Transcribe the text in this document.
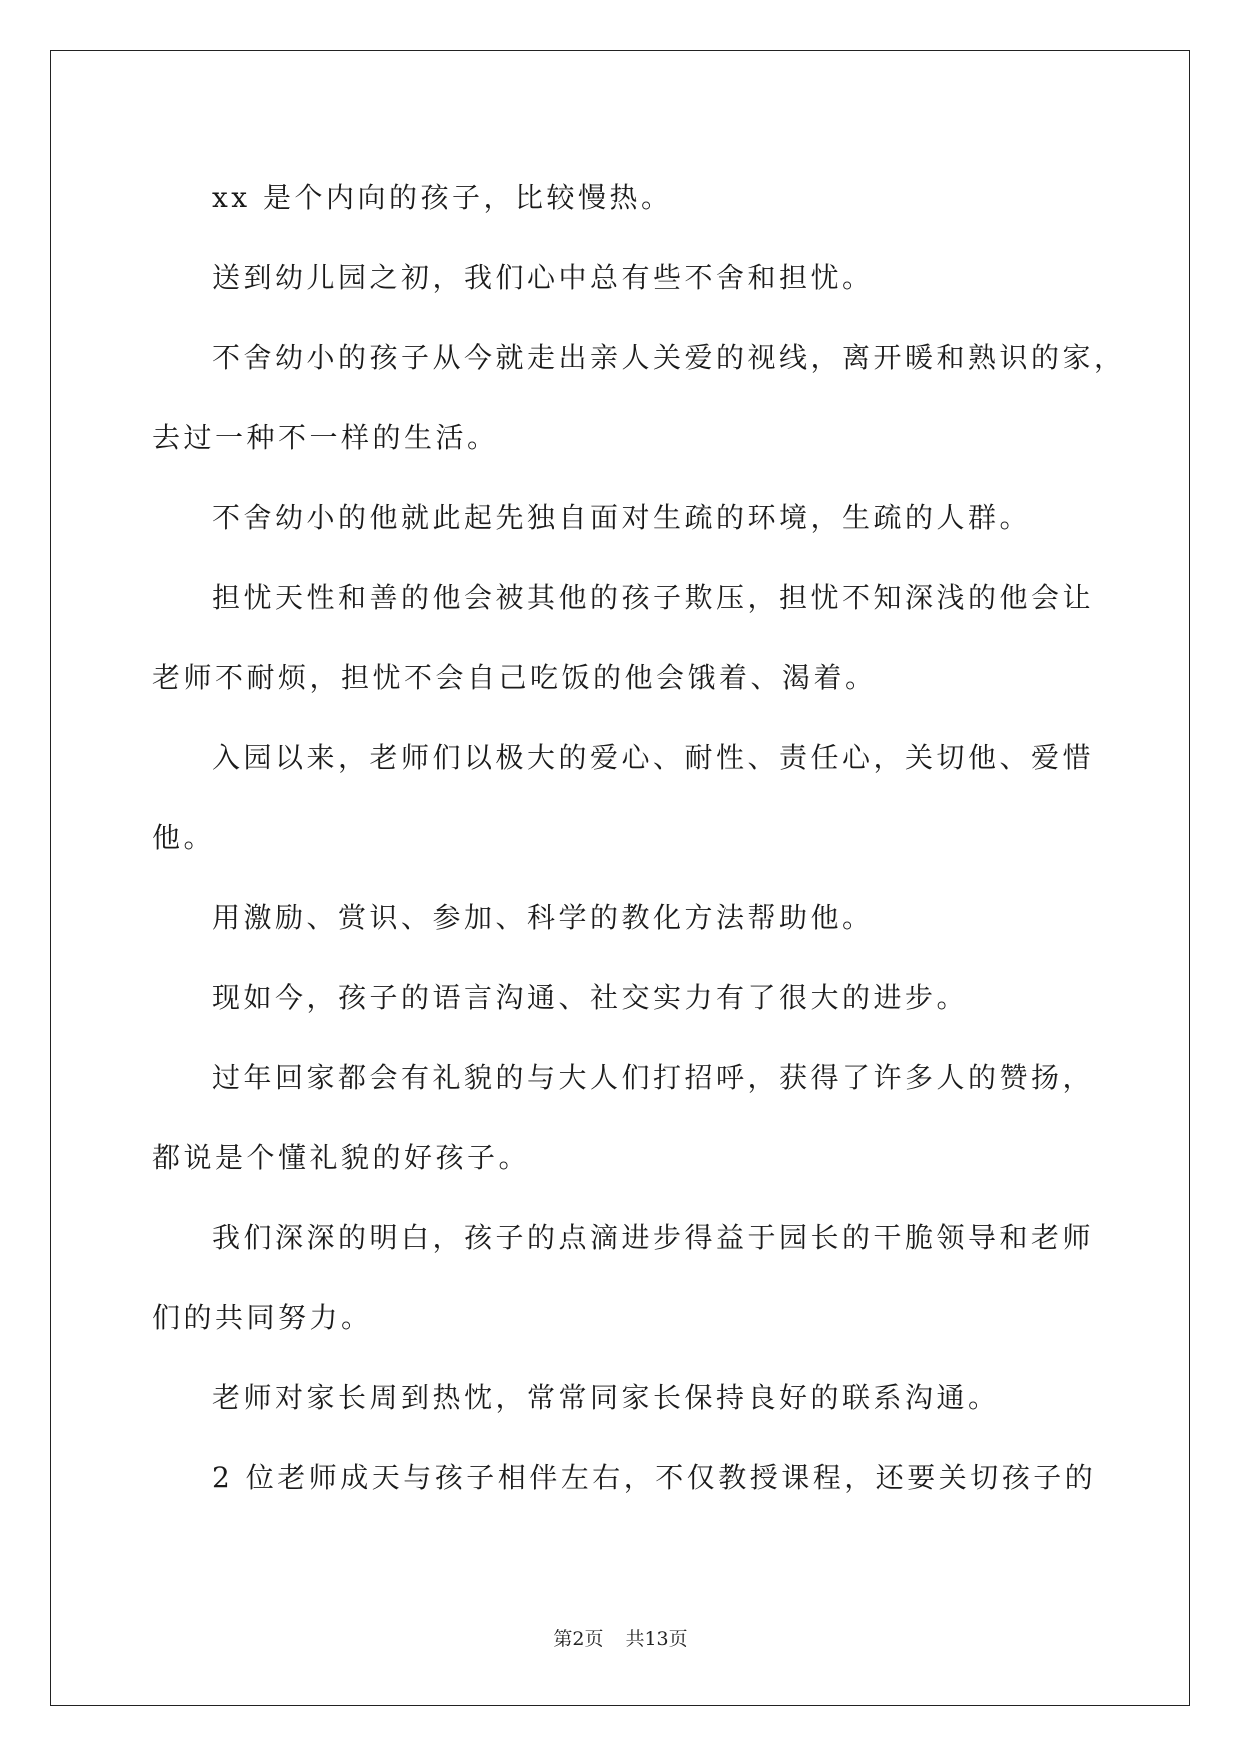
xx 是个内向的孩子，比较慢热。
送到幼儿园之初，我们心中总有些不舍和担忧。
不舍幼小的孩子从今就走出亲人关爱的视线，离开暖和熟识的家，
去过一种不一样的生活。
不舍幼小的他就此起先独自面对生疏的环境，生疏的人群。
担忧天性和善的他会被其他的孩子欺压，担忧不知深浅的他会让
老师不耐烦，担忧不会自己吃饭的他会饿着、渴着。
入园以来，老师们以极大的爱心、耐性、责任心，关切他、爱惜
他。
用激励、赏识、参加、科学的教化方法帮助他。
现如今，孩子的语言沟通、社交实力有了很大的进步。
过年回家都会有礼貌的与大人们打招呼，获得了许多人的赞扬，
都说是个懂礼貌的好孩子。
我们深深的明白，孩子的点滴进步得益于园长的干脆领导和老师
们的共同努力。
老师对家长周到热忱，常常同家长保持良好的联系沟通。
2 位老师成天与孩子相伴左右，不仅教授课程，还要关切孩子的
第2页 共13页
